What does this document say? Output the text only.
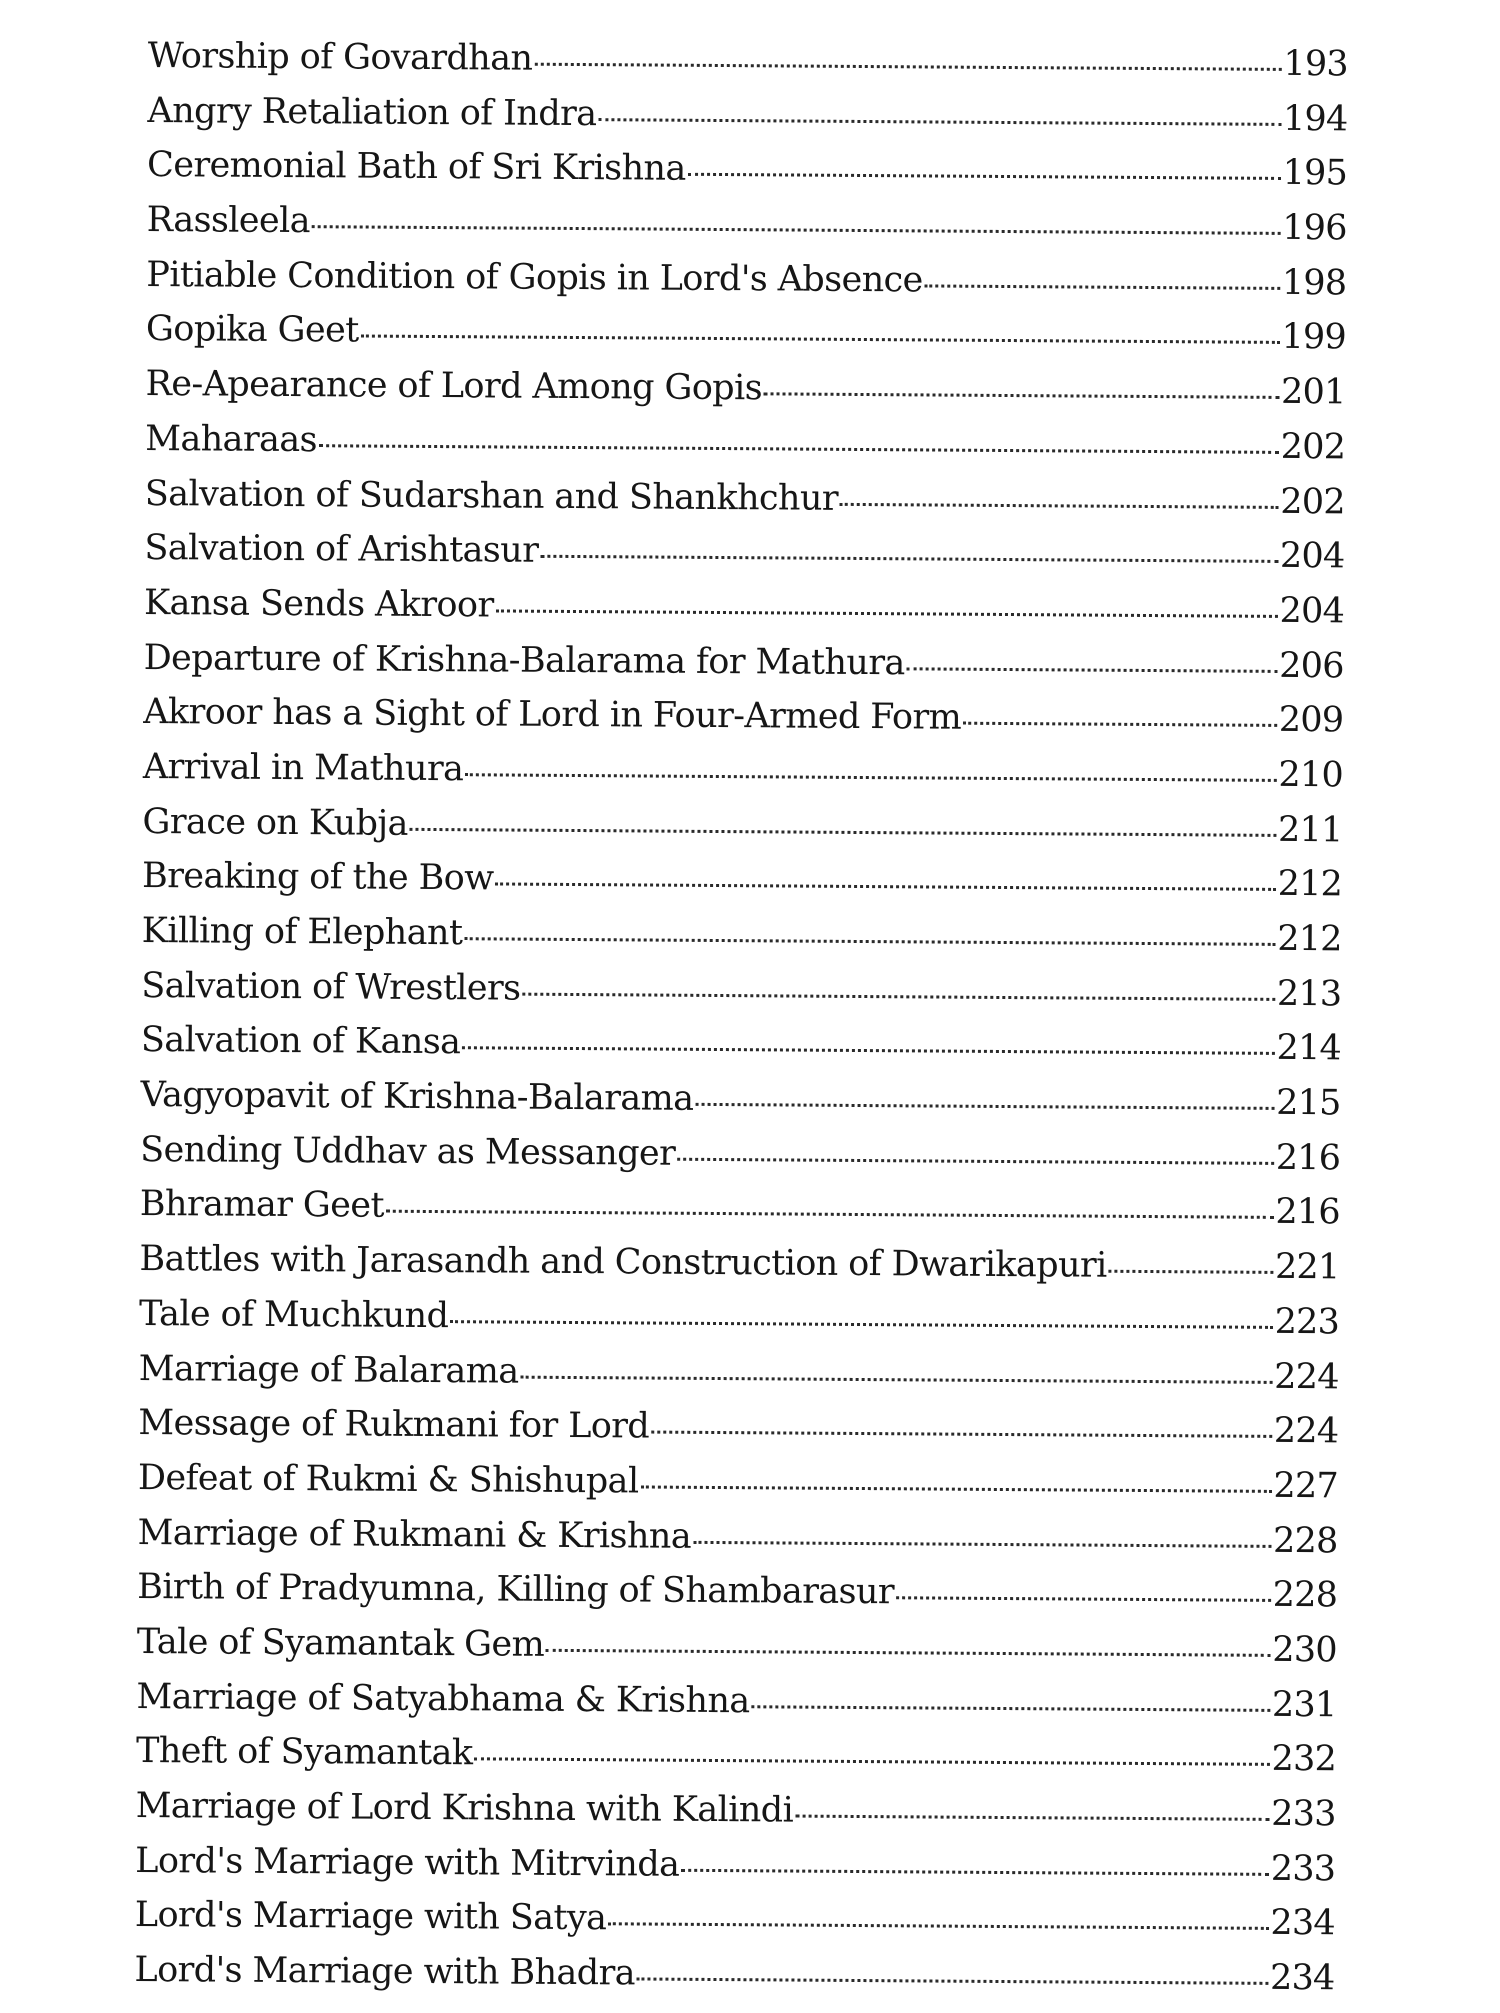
Worship of Govardhan	193
Angry Retaliation of Indra	194
Ceremonial Bath of Sri Krishna	195
Rassleela	196
Pitiable Condition of Gopis in Lord's Absence	198
Gopika Geet	199
Re-Apearance of Lord Among Gopis	201
Maharaas	202
Salvation of Sudarshan and Shankhchur	202
Salvation of Arishtasur	204
Kansa Sends Akroor	204
Departure of Krishna-Balarama for Mathura	206
Akroor has a Sight of Lord in Four-Armed Form	209
Arrival in Mathura	210
Grace on Kubja	211
Breaking of the Bow	212
Killing of Elephant	212
Salvation of Wrestlers	213
Salvation of Kansa	214
Vagyopavit of Krishna-Balarama	215
Sending Uddhav as Messanger	216
Bhramar Geet	216
Battles with Jarasandh and Construction of Dwarikapuri	221
Tale of Muchkund	223
Marriage of Balarama	224
Message of Rukmani for Lord	224
Defeat of Rukmi & Shishupal	227
Marriage of Rukmani & Krishna	228
Birth of Pradyumna, Killing of Shambarasur	228
Tale of Syamantak Gem	230
Marriage of Satyabhama & Krishna	231
Theft of Syamantak	232
Marriage of Lord Krishna with Kalindi	233
Lord's Marriage with Mitrvinda	233
Lord's Marriage with Satya	234
Lord's Marriage with Bhadra	234
